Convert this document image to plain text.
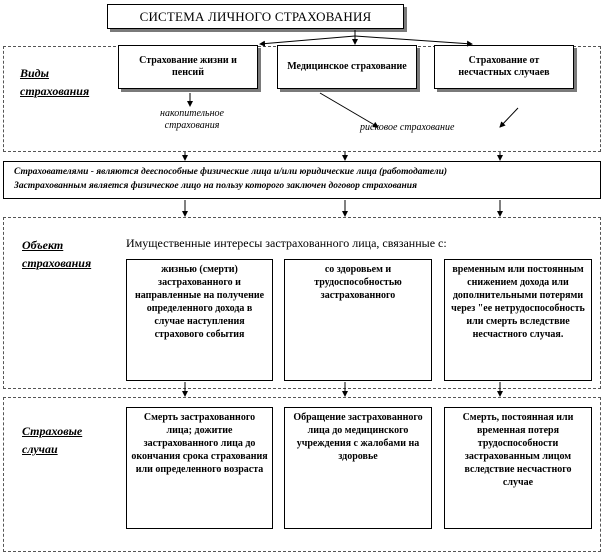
СИСТЕМА ЛИЧНОГО СТРАХОВАНИЯ
Виды
страхования
Страхование жизни и пенсий
Медицинское страхование
Страхование от несчастных случаев
накопительное
страхования	рисковое страхование
Страхователями - являются дееспособные физические лица и/или юридические лица (работодатели)
Застрахованным является физическое лицо на пользу которого заключен договор страхования
Объект
страхования
Имущественные интересы застрахованного лица, связанные с:
жизнью (смерти) застрахованного и направленные на получение определенного дохода в случае наступления страхового события
со здоровьем и трудоспособностью застрахованного
временным или постоянным снижением дохода или дополнительными потерями через "ее нетрудоспособность или смерть вследствие несчастного случая.
Страховые
случаи
Смерть застрахованного лица; дожитие застрахованного лица до окончания срока страхования или определенного возраста
Обращение застрахованного лица до медицинского учреждения с жалобами на здоровье
Смерть, постоянная или временная потеря трудоспособности застрахованным лицом вследствие несчастного случае
